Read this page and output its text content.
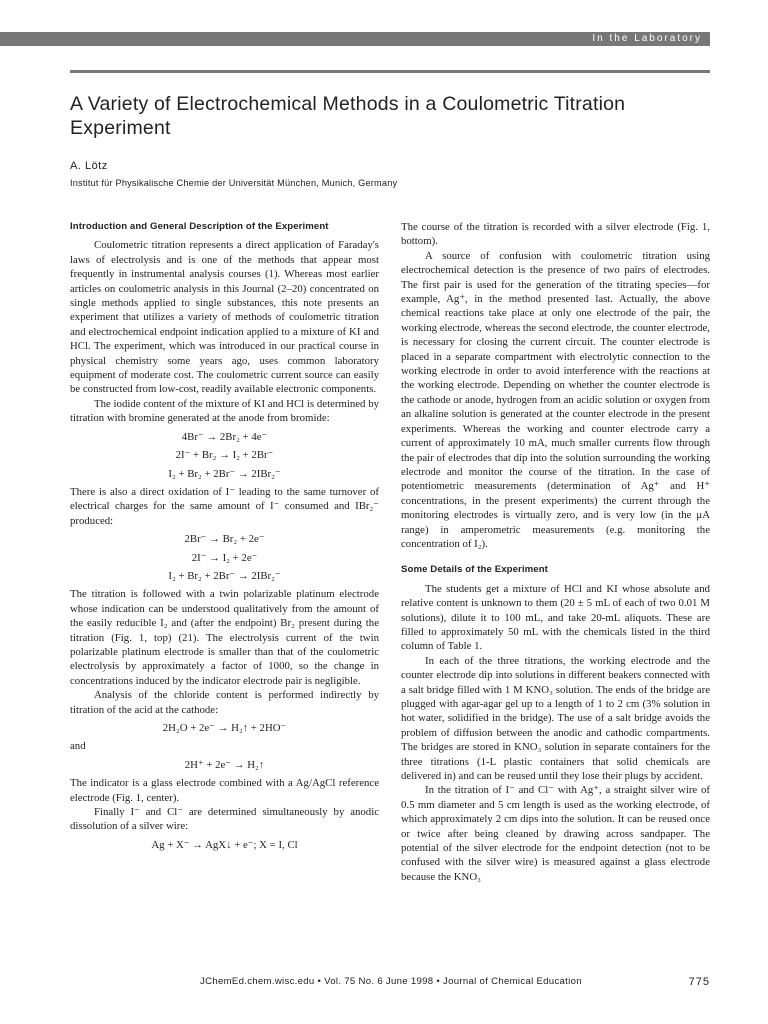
In the Laboratory
A Variety of Electrochemical Methods in a Coulometric Titration Experiment
A. Lötz
Institut für Physikalische Chemie der Universität München, Munich, Germany

Introduction and General Description of the Experiment

Coulometric titration represents a direct application of Faraday's laws of electrolysis and is one of the methods that appear most frequently in instrumental analysis courses (1). Whereas most earlier articles on coulometric analysis in this Journal (2–20) concentrated on single methods applied to single substances, this note presents an experiment that utilizes a variety of methods of coulometric titration and electrochemical endpoint indication applied to a mixture of KI and HCl. The experiment, which was introduced in our practical course in physical chemistry some years ago, uses common laboratory equipment of moderate cost. The coulometric current source can easily be constructed from low-cost, readily available electronic components.

The iodide content of the mixture of KI and HCl is determined by titration with bromine generated at the anode from bromide:

4Br⁻ → 2Br₂ + 4e⁻

2I⁻ + Br₂ → I₂ + 2Br⁻

I₂ + Br₂ + 2Br⁻ → 2IBr₂⁻

There is also a direct oxidation of I⁻ leading to the same turnover of electrical charges for the same amount of I⁻ consumed and IBr₂⁻ produced:

2Br⁻ → Br₂ + 2e⁻

2I⁻ → I₂ + 2e⁻

I₂ + Br₂ + 2Br⁻ → 2IBr₂⁻

The titration is followed with a twin polarizable platinum electrode whose indication can be understood qualitatively from the amount of the easily reducible I₂ and (after the endpoint) Br₂ present during the titration (Fig. 1, top) (21). The electrolysis current of the twin polarizable platinum electrode is smaller than that of the coulometric electrolysis by approximately a factor of 1000, so the change in concentrations induced by the indicator electrode pair is negligible.

Analysis of the chloride content is performed indirectly by titration of the acid at the cathode:

2H₂O + 2e⁻ → H₂↑ + 2HO⁻

and

2H⁺ + 2e⁻ → H₂↑

The indicator is a glass electrode combined with a Ag/AgCl reference electrode (Fig. 1, center).

Finally I⁻ and Cl⁻ are determined simultaneously by anodic dissolution of a silver wire:

Ag + X⁻ → AgX↓ + e⁻; X = I, Cl

The course of the titration is recorded with a silver electrode (Fig. 1, bottom).

A source of confusion with coulometric titration using electrochemical detection is the presence of two pairs of electrodes. The first pair is used for the generation of the titrating species—for example, Ag⁺, in the method presented last. Actually, the above chemical reactions take place at only one electrode of the pair, the working electrode, whereas the second electrode, the counter electrode, is necessary for closing the current circuit. The counter electrode is placed in a separate compartment with electrolytic connection to the working electrode in order to avoid interference with the reactions at the working electrode. Depending on whether the counter electrode is the cathode or anode, hydrogen from an acidic solution or oxygen from an alkaline solution is generated at the counter electrode in the present experiments. Whereas the working and counter electrode carry a current of approximately 10 mA, much smaller currents flow through the pair of electrodes that dip into the solution surrounding the working electrode and monitor the course of the titration. In the case of potentiometric measurements (determination of Ag⁺ and H⁺ concentrations, in the present experiments) the current through the monitoring electrodes is virtually zero, and is very low (in the μA range) in amperometric measurements (e.g. monitoring the concentration of I₂).

Some Details of the Experiment

The students get a mixture of HCl and KI whose absolute and relative content is unknown to them (20 ± 5 mL of each of two 0.01 M solutions), dilute it to 100 mL, and take 20-mL aliquots. These are filled to approximately 50 mL with the chemicals listed in the third column of Table 1.

In each of the three titrations, the working electrode and the counter electrode dip into solutions in different beakers connected with a salt bridge filled with 1 M KNO₃ solution. The ends of the bridge are plugged with agar-agar gel up to a length of 1 to 2 cm (3% solution in hot water, solidified in the bridge). The use of a salt bridge avoids the problem of diffusion between the anodic and cathodic compartments. The bridges are stored in KNO₃ solution in separate containers for the three titrations (1-L plastic containers that solid chemicals are delivered in) and can be reused until they lose their plugs by accident.

In the titration of I⁻ and Cl⁻ with Ag⁺, a straight silver wire of 0.5 mm diameter and 5 cm length is used as the working electrode, of which approximately 2 cm dips into the solution. It can be reused once or twice after being cleaned by drawing across sandpaper. The potential of the silver electrode for the endpoint detection (not to be confused with the silver wire) is measured against a glass electrode because the KNO₃

JChemEd.chem.wisc.edu • Vol. 75 No. 6 June 1998 • Journal of Chemical Education	775
